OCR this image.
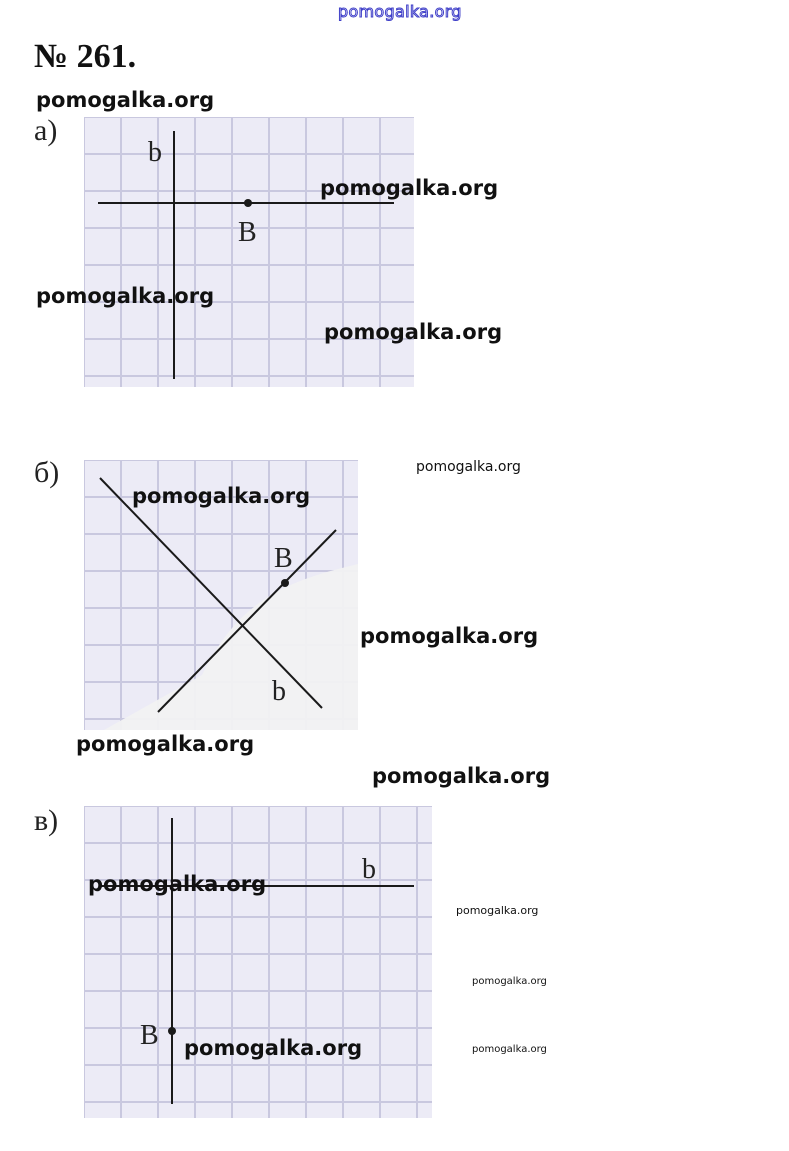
pomogalka.org
№ 261.
а)
b
B
б)
B
b
в)
b
B
pomogalka.org
pomogalka.org
pomogalka.org
pomogalka.org
pomogalka.org
pomogalka.org
pomogalka.org
pomogalka.org
pomogalka.org
pomogalka.org
pomogalka.org
pomogalka.org
pomogalka.org	pomogalka.org
